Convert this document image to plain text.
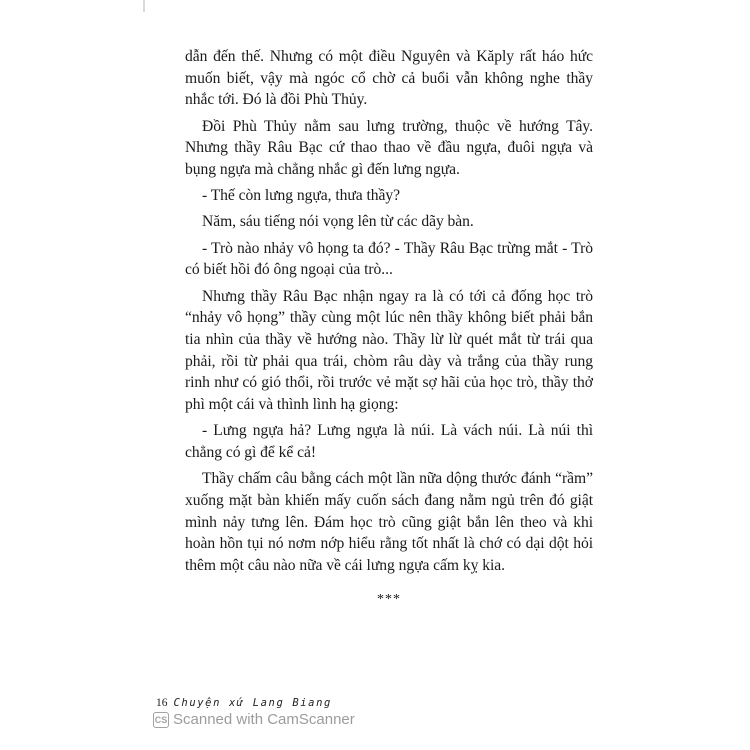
dẫn đến thế. Nhưng có một điều Nguyên và Kăply rất háo hức muốn biết, vậy mà ngóc cổ chờ cả buổi vẫn không nghe thầy nhắc tới. Đó là đồi Phù Thủy.

Đồi Phù Thủy nằm sau lưng trường, thuộc về hướng Tây. Nhưng thầy Râu Bạc cứ thao thao về đầu ngựa, đuôi ngựa và bụng ngựa mà chẳng nhắc gì đến lưng ngựa.

- Thế còn lưng ngựa, thưa thầy?

Năm, sáu tiếng nói vọng lên từ các dãy bàn.

- Trò nào nhảy vô họng ta đó? - Thầy Râu Bạc trừng mắt - Trò có biết hồi đó ông ngoại của trò...

Nhưng thầy Râu Bạc nhận ngay ra là có tới cả đống học trò “nhảy vô họng” thầy cùng một lúc nên thầy không biết phải bắn tia nhìn của thầy về hướng nào. Thầy lừ lừ quét mắt từ trái qua phải, rồi từ phải qua trái, chòm râu dày và trắng của thầy rung rinh như có gió thổi, rồi trước vẻ mặt sợ hãi của học trò, thầy thở phì một cái và thình lình hạ giọng:

- Lưng ngựa hả? Lưng ngựa là núi. Là vách núi. Là núi thì chẳng có gì để kể cả!

Thầy chấm câu bằng cách một lần nữa dộng thước đánh “rầm” xuống mặt bàn khiến mấy cuốn sách đang nằm ngủ trên đó giật mình nảy tưng lên. Đám học trò cũng giật bắn lên theo và khi hoàn hồn tụi nó nơm nớp hiểu rằng tốt nhất là chớ có dại dột hỏi thêm một câu nào nữa về cái lưng ngựa cấm kỵ kia.

***
16 Chuyện xứ Lang Biang
CS Scanned with CamScanner
